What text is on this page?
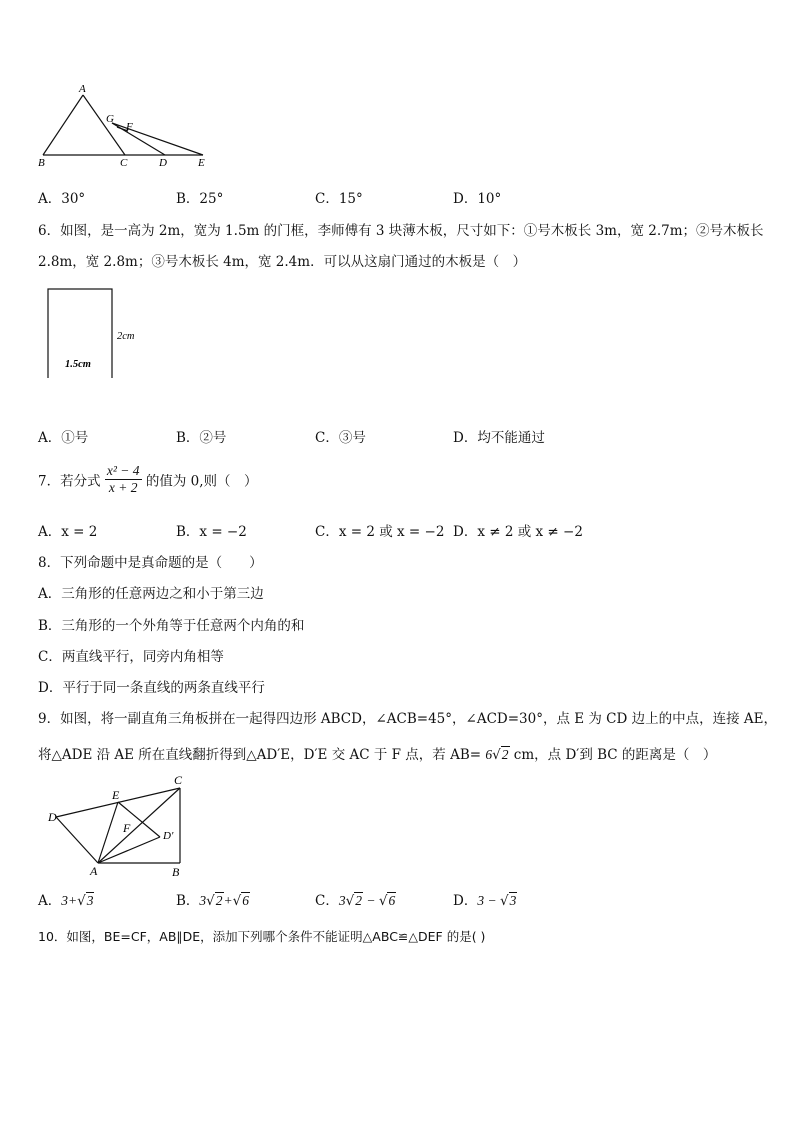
A
B	C	D	E
G
F
A．30°	B．25°	C．15°	D．10°
6．如图，是一高为 2m，宽为 1.5m 的门框，李师傅有 3 块薄木板，尺寸如下：①号木板长 3m，宽 2.7m；②号木板长
2.8m，宽 2.8m；③号木板长 4m，宽 2.4m．可以从这扇门通过的木板是（　）
2cm
1.5cm
A．①号	B．②号	C．③号	D．均不能通过
7．若分式 $\frac{\text{x² − 4}}{x + 2}$ 的值为 0,则（　）
A．x = 2	B．x = −2	C．x = 2 或 x = −2 D．x ≠ 2 或 x ≠ −2
8．下列命题中是真命题的是（　　）
A．三角形的任意两边之和小于第三边
B．三角形的一个外角等于任意两个内角的和
C．两直线平行，同旁内角相等
D．平行于同一条直线的两条直线平行
9．如图，将一副直角三角板拼在一起得四边形 ABCD，∠ACB=45°，∠ACD=30°，点 E 为 CD 边上的中点，连接 AE，
将△ADE 沿 AE 所在直线翻折得到△AD′E，D′E 交 AC 于 F 点，若 AB= 6√2 cm，点 D′到 BC 的距离是（　）
C
E
D
F
D'
A	B
A．3+√3	B．3√2+√6	C．3√2 − √6	D．3 − √3
10．如图，BE=CF，AB∥DE，添加下列哪个条件不能证明△ABC≌△DEF 的是( )
